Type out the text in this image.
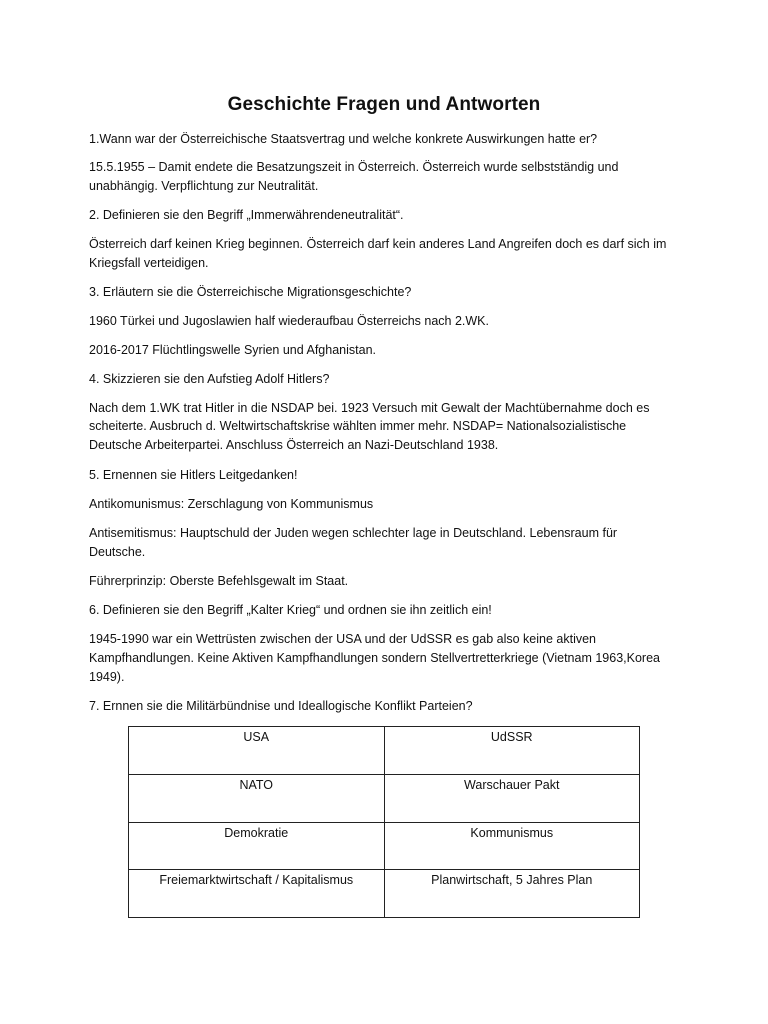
Geschichte Fragen und Antworten
1.Wann war der Österreichische Staatsvertrag und welche konkrete Auswirkungen hatte er?
15.5.1955 – Damit endete die Besatzungszeit in Österreich. Österreich wurde selbstständig und
unabhängig. Verpflichtung zur Neutralität.
2. Definieren sie den Begriff „Immerwährendeneutralität“.
Österreich darf keinen Krieg beginnen. Österreich darf kein anderes Land Angreifen doch es darf sich im
Kriegsfall verteidigen.
3. Erläutern sie die Österreichische Migrationsgeschichte?
1960 Türkei und Jugoslawien half wiederaufbau Österreichs nach 2.WK.
2016-2017 Flüchtlingswelle Syrien und Afghanistan.
4. Skizzieren sie den Aufstieg Adolf Hitlers?
Nach dem 1.WK trat Hitler in die NSDAP bei. 1923 Versuch mit Gewalt der Machtübernahme doch es
scheiterte. Ausbruch d. Weltwirtschaftskrise wählten immer mehr. NSDAP= Nationalsozialistische
Deutsche Arbeiterpartei. Anschluss Österreich an Nazi-Deutschland 1938.
5. Ernennen sie Hitlers Leitgedanken!
Antikomunismus: Zerschlagung von Kommunismus
Antisemitismus: Hauptschuld der Juden wegen schlechter lage in Deutschland. Lebensraum für
Deutsche.
Führerprinzip: Oberste Befehlsgewalt im Staat.
6. Definieren sie den Begriff „Kalter Krieg“ und ordnen sie ihn zeitlich ein!
1945-1990 war ein Wettrüsten zwischen der USA und der UdSSR es gab also keine aktiven
Kampfhandlungen. Keine Aktiven Kampfhandlungen sondern Stellvertretterkriege (Vietnam 1963,Korea
1949).
7. Ernnen sie die Militärbündnise und Ideallogische Konflikt Parteien?
USA	UdSSR
NATO	Warschauer Pakt
Demokratie	Kommunismus
Freiemarktwirtschaft / Kapitalismus	Planwirtschaft, 5 Jahres Plan
